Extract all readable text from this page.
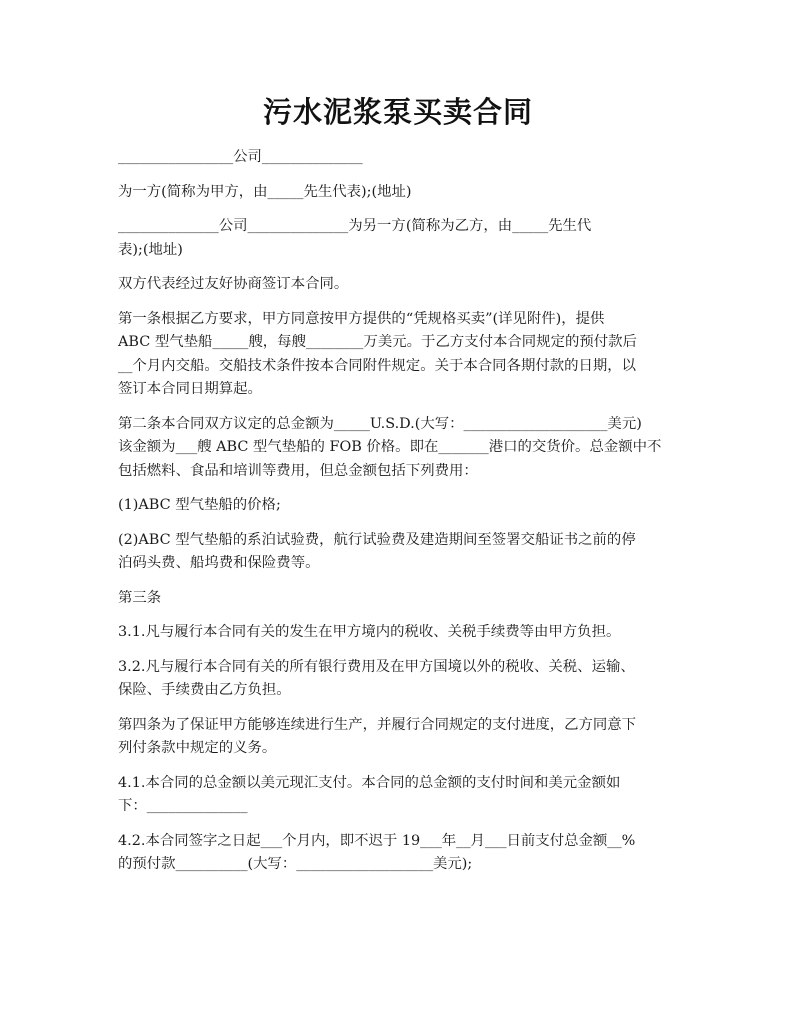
污水泥浆泵买卖合同

________________公司______________

为一方(简称为甲方，由_____先生代表);(地址)

______________公司______________为另一方(简称为乙方，由_____先生代
表);(地址)

双方代表经过友好协商签订本合同。

第一条根据乙方要求，甲方同意按甲方提供的“凭规格买卖”(详见附件)，提供
ABC 型气垫船_____艘，每艘________万美元。于乙方支付本合同规定的预付款后
__个月内交船。交船技术条件按本合同附件规定。关于本合同各期付款的日期，以
签订本合同日期算起。

第二条本合同双方议定的总金额为_____U.S.D.(大写：____________________美元)
该金额为___艘 ABC 型气垫船的 FOB 价格。即在_______港口的交货价。总金额中不
包括燃料、食品和培训等费用，但总金额包括下列费用：

(1)ABC 型气垫船的价格;

(2)ABC 型气垫船的系泊试验费，航行试验费及建造期间至签署交船证书之前的停
泊码头费、船坞费和保险费等。

第三条

3.1.凡与履行本合同有关的发生在甲方境内的税收、关税手续费等由甲方负担。

3.2.凡与履行本合同有关的所有银行费用及在甲方国境以外的税收、关税、运输、
保险、手续费由乙方负担。

第四条为了保证甲方能够连续进行生产，并履行合同规定的支付进度，乙方同意下
列付条款中规定的义务。

4.1.本合同的总金额以美元现汇支付。本合同的总金额的支付时间和美元金额如
下：______________

4.2.本合同签字之日起___个月内，即不迟于 19___年__月___日前支付总金额__%
的预付款__________(大写：___________________美元);
